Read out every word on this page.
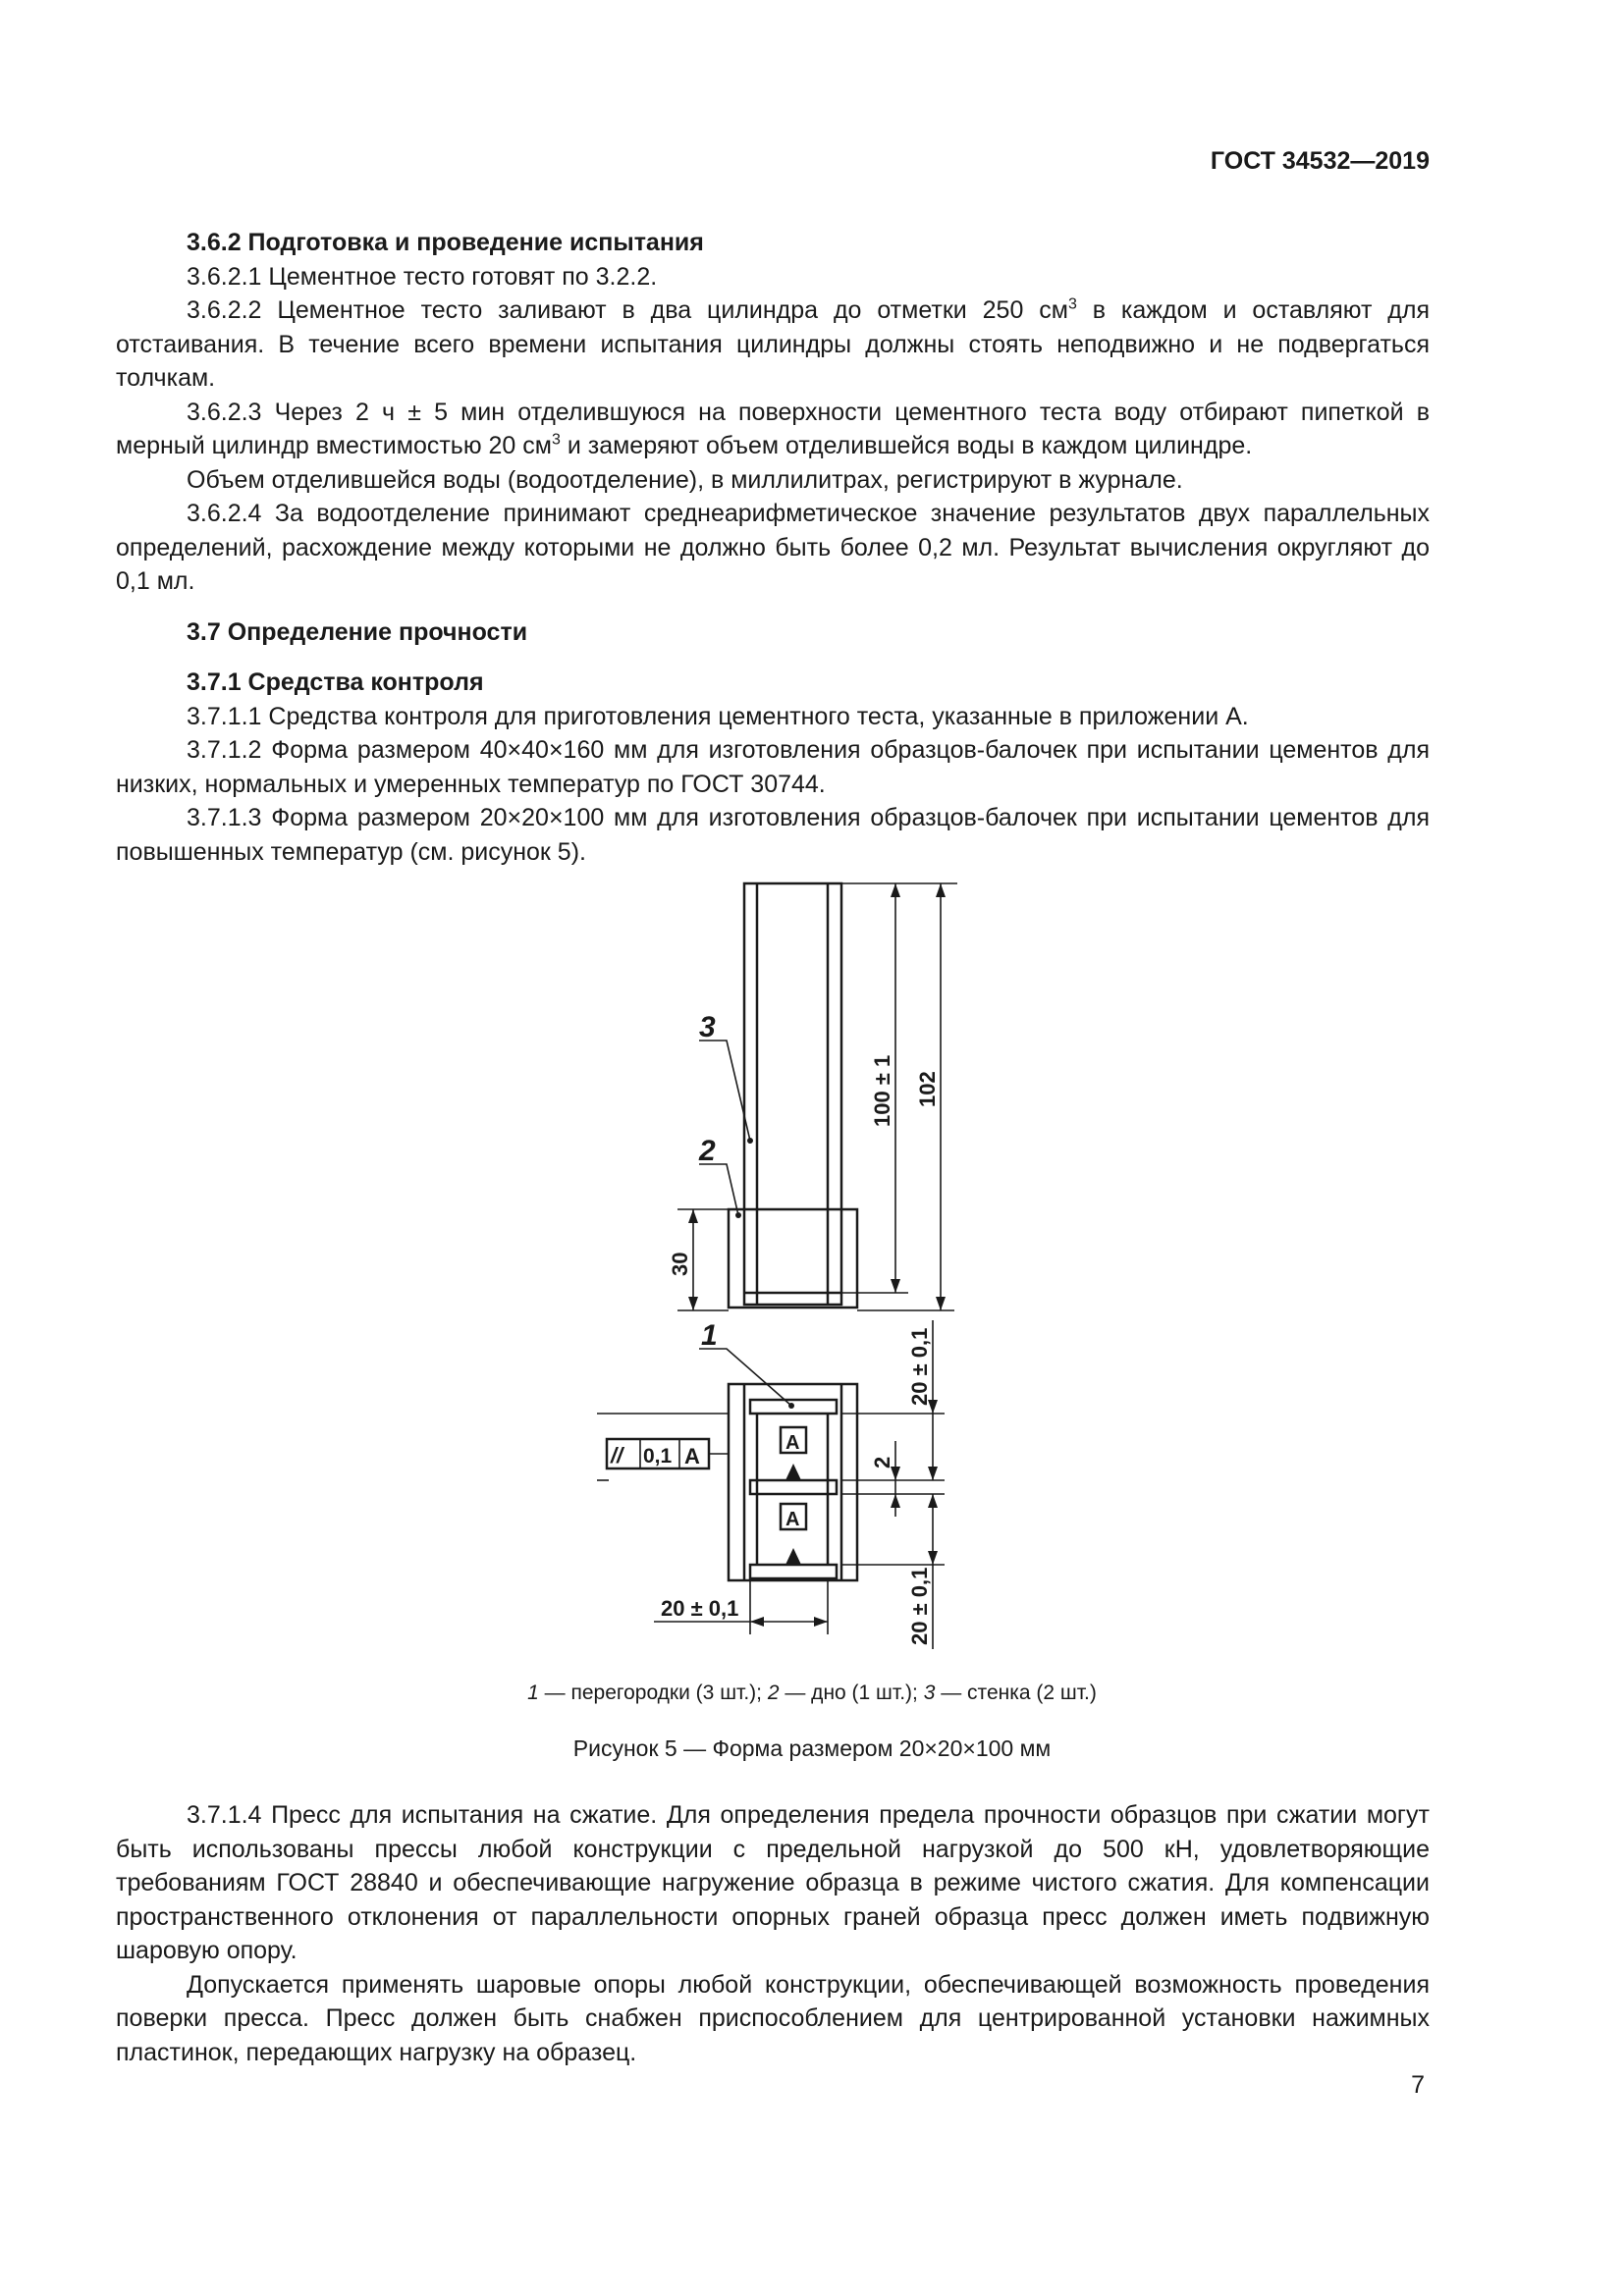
ГОСТ 34532—2019

3.6.2 Подготовка и проведение испытания

3.6.2.1 Цементное тесто готовят по 3.2.2.

3.6.2.2 Цементное тесто заливают в два цилиндра до отметки 250 $см^3$ в каждом и оставляют для отстаивания. В течение всего времени испытания цилиндры должны стоять неподвижно и не подвергаться толчкам.

3.6.2.3 Через 2 ч ± 5 мин отделившуюся на поверхности цементного теста воду отбирают пипеткой в мерный цилиндр вместимостью 20 $см^3$ и замеряют объем отделившейся воды в каждом цилиндре.

Объем отделившейся воды (водоотделение), в миллилитрах, регистрируют в журнале.

3.6.2.4 За водоотделение принимают среднеарифметическое значение результатов двух параллельных определений, расхождение между которыми не должно быть более 0,2 мл. Результат вычисления округляют до 0,1 мл.

3.7 Определение прочности

3.7.1 Средства контроля

3.7.1.1 Средства контроля для приготовления цементного теста, указанные в приложении А.

3.7.1.2 Форма размером 40×40×160 мм для изготовления образцов-балочек при испытании цементов для низких, нормальных и умеренных температур по ГОСТ 30744.

3.7.1.3 Форма размером 20×20×100 мм для изготовления образцов-балочек при испытании цементов для повышенных температур (см. рисунок 5).

3
2
1
100 ± 1 102
30
20 ± 0,1
2
20 ± 0,1
20 ± 0,1
// 0,1 A
A
A
1 — перегородки (3 шт.); 2 — дно (1 шт.); 3 — стенка (2 шт.)
Рисунок 5 — Форма размером 20×20×100 мм

3.7.1.4 Пресс для испытания на сжатие. Для определения предела прочности образцов при сжатии могут быть использованы прессы любой конструкции с предельной нагрузкой до 500 кН, удовлетворяющие требованиям ГОСТ 28840 и обеспечивающие нагружение образца в режиме чистого сжатия. Для компенсации пространственного отклонения от параллельности опорных граней образца пресс должен иметь подвижную шаровую опору.

Допускается применять шаровые опоры любой конструкции, обеспечивающей возможность проведения поверки пресса. Пресс должен быть снабжен приспособлением для центрированной установки нажимных пластинок, передающих нагрузку на образец.

7
